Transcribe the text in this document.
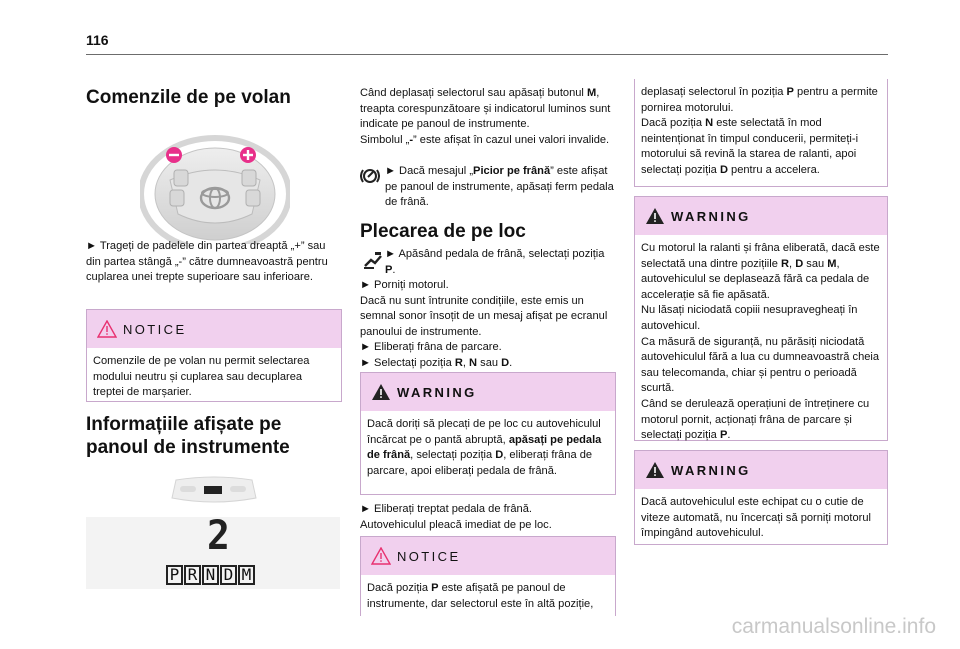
116
Comenzile de pe volan
► Trageți de padelele din partea dreaptă „+” sau din partea stângă „-” către dumneavoastră pentru cuplarea unei trepte superioare sau inferioare.
NOTICE
Comenzile de pe volan nu permit selectarea modului neutru și cuplarea sau decuplarea treptei de marșarier.
Informațiile afișate pe panoul de instrumente
2
P R N D M
Când deplasați selectorul sau apăsați butonul M, treapta corespunzătoare și indicatorul luminos sunt indicate pe panoul de instrumente.
Simbolul „-” este afișat în cazul unei valori invalide.
► Dacă mesajul „Picior pe frână” este afișat pe panoul de instrumente, apăsați ferm pedala de frână.
Plecarea de pe loc
► Apăsând pedala de frână, selectați poziția P.
► Porniți motorul.
Dacă nu sunt întrunite condițiile, este emis un semnal sonor însoțit de un mesaj afișat pe ecranul panoului de instrumente.
► Eliberați frâna de parcare.
► Selectați poziția R, N sau D.
WARNING
Dacă doriți să plecați de pe loc cu autovehiculul încărcat pe o pantă abruptă, apăsați pe pedala de frână, selectați poziția D, eliberați frâna de parcare, apoi eliberați pedala de frână.
► Eliberați treptat pedala de frână.
Autovehiculul pleacă imediat de pe loc.
NOTICE
Dacă poziția P este afișată pe panoul de instrumente, dar selectorul este în altă poziție,
deplasați selectorul în poziția P pentru a permite pornirea motorului.
Dacă poziția N este selectată în mod neintenționat în timpul conducerii, permiteți-i motorului să revină la starea de ralanti, apoi selectați poziția D pentru a accelera.
WARNING
Cu motorul la ralanti și frâna eliberată, dacă este selectată una dintre pozițiile R, D sau M, autovehiculul se deplasează fără ca pedala de accelerație să fie apăsată.
Nu lăsați niciodată copiii nesupravegheați în autovehicul.
Ca măsură de siguranță, nu părăsiți niciodată autovehiculul fără a lua cu dumneavoastră cheia sau telecomanda, chiar și pentru o perioadă scurtă.
Când se derulează operațiuni de întreținere cu motorul pornit, acționați frâna de parcare și selectați poziția P.
WARNING
Dacă autovehiculul este echipat cu o cutie de viteze automată, nu încercați să porniți motorul împingând autovehiculul.
carmanualsonline.info
